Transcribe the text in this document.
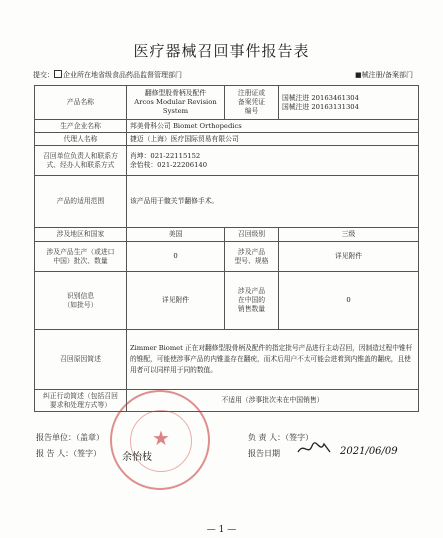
医疗器械召回事件报告表
提交： 企业所在地省级食品药品监督管理部门	■械注册/备案部门
产品名称	翻修型股骨柄及配件
Arcos Modular Revision
System	注册证或
备案凭证
编号	国械注进 20163461304
国械注进 20163131304

生产企业名称	邦美骨科公司 Biomet Orthopedics		
代理人名称	捷迈（上海）医疗国际贸易有限公司		

召回单位负责人和联系方
式、经办人和联系方式	肖坤：021-22115152
余怡枝：021-22206140		

产品的适用范围	该产品用于髋关节翻修手术。		
涉及地区和国家	美国	召回级别	三级

涉及产品生产（或进口
中国）批次、数量	0	涉及产品
型号、规格	详见附件

识别信息
（如批号）	详见附件	涉及产品
在中国的
销售数量	0
召回原因简述	Zimmer Biomet 正在对翻修型股骨柄及配件的指定批号产品进行主动召回，因制造过程中锥杆的锥配，可能使涉事产品的内锥盖存在翻疣，而术后用户不太可能会进着到内锥盖的翻疣，且使用者可以同样用于同的数值。		

纠正行动简述（包括召回
要求和处理方式等）	不适用（涉事批次未在中国销售）		
★
报告单位：（盖章）
报 告 人：（签字） 余怡枝
负 责 人：（签字）
报告日期	2021/06/09
— 1 —
